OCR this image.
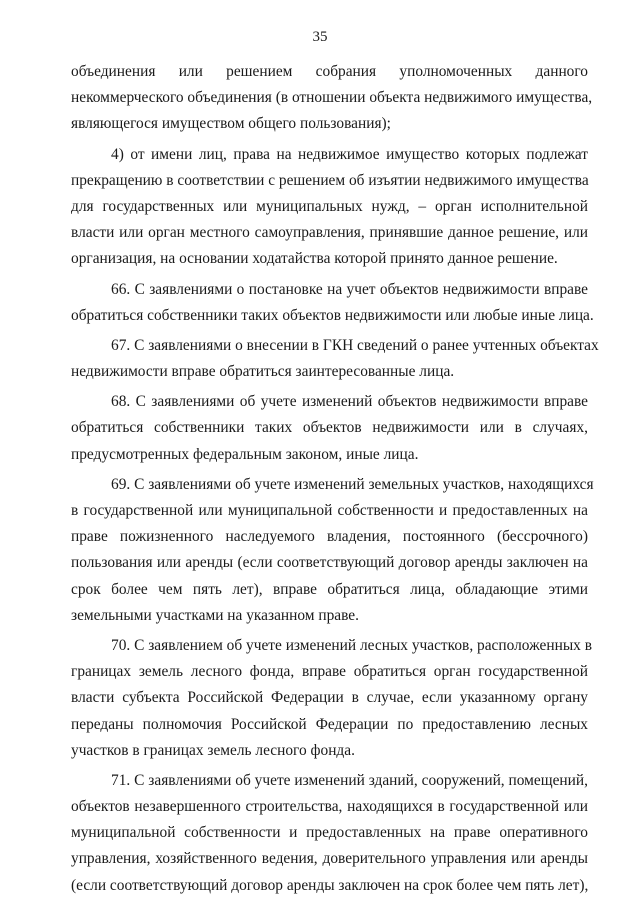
35
объединения или решением собрания уполномоченных данного
некоммерческого объединения (в отношении объекта недвижимого имущества,
являющегося имуществом общего пользования);
4) от имени лиц, права на недвижимое имущество которых подлежат
прекращению в соответствии с решением об изъятии недвижимого имущества
для государственных или муниципальных нужд, – орган исполнительной
власти или орган местного самоуправления, принявшие данное решение, или
организация, на основании ходатайства которой принято данное решение.
66. С заявлениями о постановке на учет объектов недвижимости вправе
обратиться собственники таких объектов недвижимости или любые иные лица.
67. С заявлениями о внесении в ГКН сведений о ранее учтенных объектах
недвижимости вправе обратиться заинтересованные лица.
68. С заявлениями об учете изменений объектов недвижимости вправе
обратиться собственники таких объектов недвижимости или в случаях,
предусмотренных федеральным законом, иные лица.
69. С заявлениями об учете изменений земельных участков, находящихся
в государственной или муниципальной собственности и предоставленных на
праве пожизненного наследуемого владения, постоянного (бессрочного)
пользования или аренды (если соответствующий договор аренды заключен на
срок более чем пять лет), вправе обратиться лица, обладающие этими
земельными участками на указанном праве.
70. С заявлением об учете изменений лесных участков, расположенных в
границах земель лесного фонда, вправе обратиться орган государственной
власти субъекта Российской Федерации в случае, если указанному органу
переданы полномочия Российской Федерации по предоставлению лесных
участков в границах земель лесного фонда.
71. С заявлениями об учете изменений зданий, сооружений, помещений,
объектов незавершенного строительства, находящихся в государственной или
муниципальной собственности и предоставленных на праве оперативного
управления, хозяйственного ведения, доверительного управления или аренды
(если соответствующий договор аренды заключен на срок более чем пять лет),
